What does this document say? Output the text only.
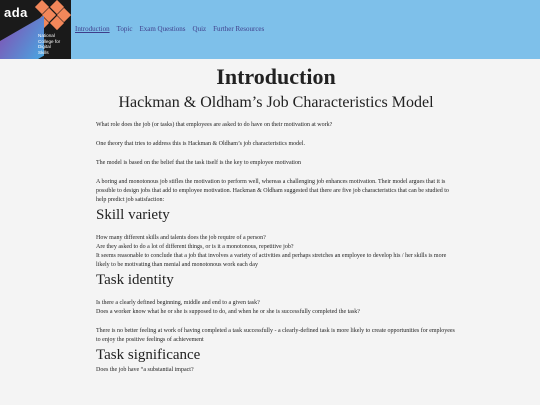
ada
National
College for
Digital
Skills
Introduction Topic Exam Questions Quiz Further Resources
Introduction
Hackman & Oldham’s Job Characteristics Model

What role does the job (or tasks) that employees are asked to do have on their motivation at work?

One theory that tries to address this is Hackman & Oldham’s job characteristics model.

The model is based on the belief that the task itself is the key to employee motivation

A boring and monotonous job stifles the motivation to perform well, whereas a challenging job enhances motivation. Their model argues that it is possible to design jobs that add to employee motivation. Hackman & Oldham suggested that there are five job characteristics that can be studied to help predict job satisfaction:

Skill variety

How many different skills and talents does the job require of a person?

Are they asked to do a lot of different things, or is it a monotonous, repetitive job?

It seems reasonable to conclude that a job that involves a variety of activities and perhaps stretches an employee to develop his / her skills is more likely to be motivating than menial and monotonous work each day

Task identity

Is there a clearly defined beginning, middle and end to a given task?

Does a worker know what he or she is supposed to do, and when he or she is successfully completed the task?

There is no better feeling at work of having completed a task successfully - a clearly-defined task is more likely to create opportunities for employees to enjoy the positive feelings of achievement

Task significance

Does the job have “a substantial impact?
